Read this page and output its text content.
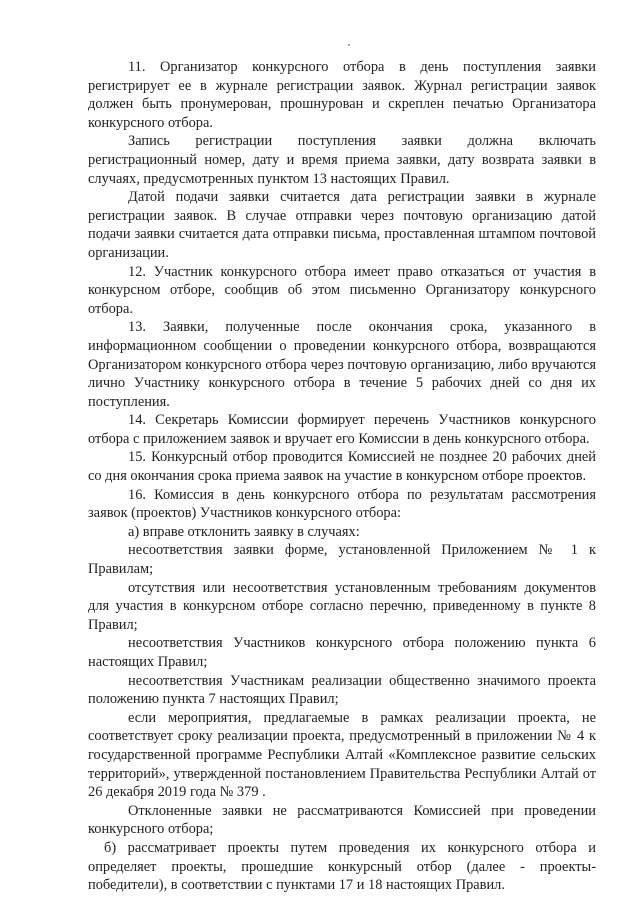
11. Организатор конкурсного отбора в день поступления заявки регистрирует ее в журнале регистрации заявок. Журнал регистрации заявок должен быть пронумерован, прошнурован и скреплен печатью Организатора конкурсного отбора.

Запись регистрации поступления заявки должна включать регистрационный номер, дату и время приема заявки, дату возврата заявки в случаях, предусмотренных пунктом 13 настоящих Правил.

Датой подачи заявки считается дата регистрации заявки в журнале регистрации заявок. В случае отправки через почтовую организацию датой подачи заявки считается дата отправки письма, проставленная штампом почтовой организации.

12. Участник конкурсного отбора имеет право отказаться от участия в конкурсном отборе, сообщив об этом письменно Организатору конкурсного отбора.

13. Заявки, полученные после окончания срока, указанного в информационном сообщении о проведении конкурсного отбора, возвращаются Организатором конкурсного отбора через почтовую организацию, либо вручаются лично Участнику конкурсного отбора в течение 5 рабочих дней со дня их поступления.

14. Секретарь Комиссии формирует перечень Участников конкурсного отбора с приложением заявок и вручает его Комиссии в день конкурсного отбора.

15. Конкурсный отбор проводится Комиссией не позднее 20 рабочих дней со дня окончания срока приема заявок на участие в конкурсном отборе проектов.

16. Комиссия в день конкурсного отбора по результатам рассмотрения заявок (проектов) Участников конкурсного отбора:

а) вправе отклонить заявку в случаях:

несоответствия заявки форме, установленной Приложением № 1 к Правилам;

отсутствия или несоответствия установленным требованиям документов для участия в конкурсном отборе согласно перечню, приведенному в пункте 8 Правил;

несоответствия Участников конкурсного отбора положению пункта 6 настоящих Правил;

несоответствия Участникам реализации общественно значимого проекта положению пункта 7 настоящих Правил;

если мероприятия, предлагаемые в рамках реализации проекта, не соответствует сроку реализации проекта, предусмотренный в приложении № 4 к государственной программе Республики Алтай «Комплексное развитие сельских территорий», утвержденной постановлением Правительства Республики Алтай от 26 декабря 2019 года № 379 .

Отклоненные заявки не рассматриваются Комиссией при проведении конкурсного отбора;

б) рассматривает проекты путем проведения их конкурсного отбора и определяет проекты, прошедшие конкурсный отбор (далее - проекты-победители), в соответствии с пунктами 17 и 18 настоящих Правил.
